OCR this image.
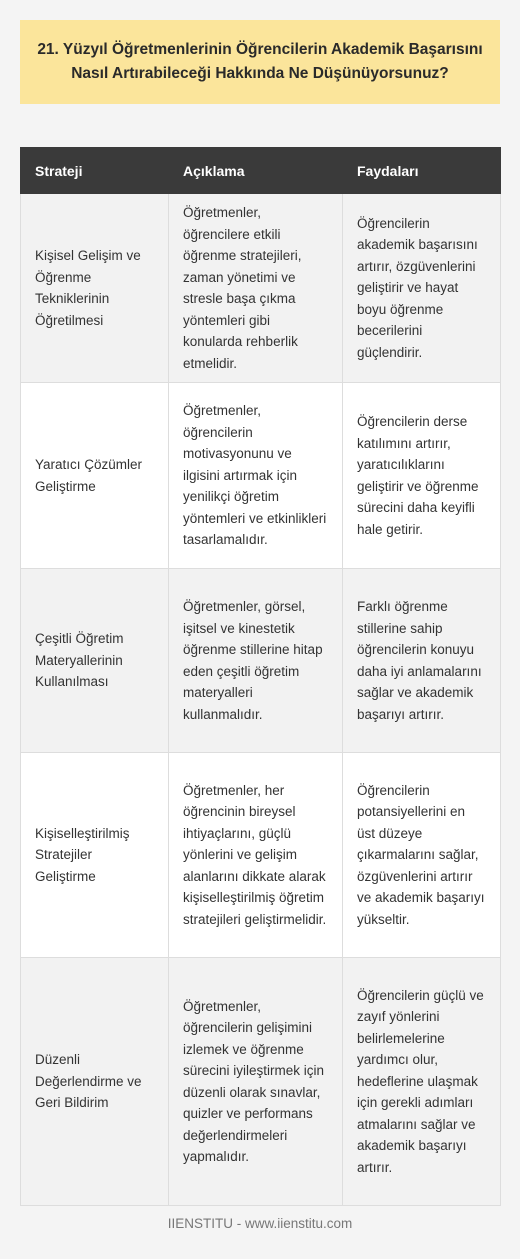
21. Yüzyıl Öğretmenlerinin Öğrencilerin Akademik Başarısını Nasıl Artırabileceği Hakkında Ne Düşünüyorsunuz?
Strateji	Açıklama	Faydaları
Kişisel Gelişim ve Öğrenme Tekniklerinin Öğretilmesi	Öğretmenler, öğrencilere etkili öğrenme stratejileri, zaman yönetimi ve stresle başa çıkma yöntemleri gibi konularda rehberlik etmelidir.	Öğrencilerin akademik başarısını artırır, özgüvenlerini geliştirir ve hayat boyu öğrenme becerilerini güçlendirir.
Yaratıcı Çözümler Geliştirme	Öğretmenler, öğrencilerin motivasyonunu ve ilgisini artırmak için yenilikçi öğretim yöntemleri ve etkinlikleri tasarlamalıdır.	Öğrencilerin derse katılımını artırır, yaratıcılıklarını geliştirir ve öğrenme sürecini daha keyifli hale getirir.
Çeşitli Öğretim Materyallerinin Kullanılması	Öğretmenler, görsel, işitsel ve kinestetik öğrenme stillerine hitap eden çeşitli öğretim materyalleri kullanmalıdır.	Farklı öğrenme stillerine sahip öğrencilerin konuyu daha iyi anlamalarını sağlar ve akademik başarıyı artırır.
Kişiselleştirilmiş Stratejiler Geliştirme	Öğretmenler, her öğrencinin bireysel ihtiyaçlarını, güçlü yönlerini ve gelişim alanlarını dikkate alarak kişiselleştirilmiş öğretim stratejileri geliştirmelidir.	Öğrencilerin potansiyellerini en üst düzeye çıkarmalarını sağlar, özgüvenlerini artırır ve akademik başarıyı yükseltir.
Düzenli Değerlendirme ve Geri Bildirim	Öğretmenler, öğrencilerin gelişimini izlemek ve öğrenme sürecini iyileştirmek için düzenli olarak sınavlar, quizler ve performans değerlendirmeleri yapmalıdır.	Öğrencilerin güçlü ve zayıf yönlerini belirlemelerine yardımcı olur, hedeflerine ulaşmak için gerekli adımları atmalarını sağlar ve akademik başarıyı artırır.
IIENSTITU - www.iienstitu.com
